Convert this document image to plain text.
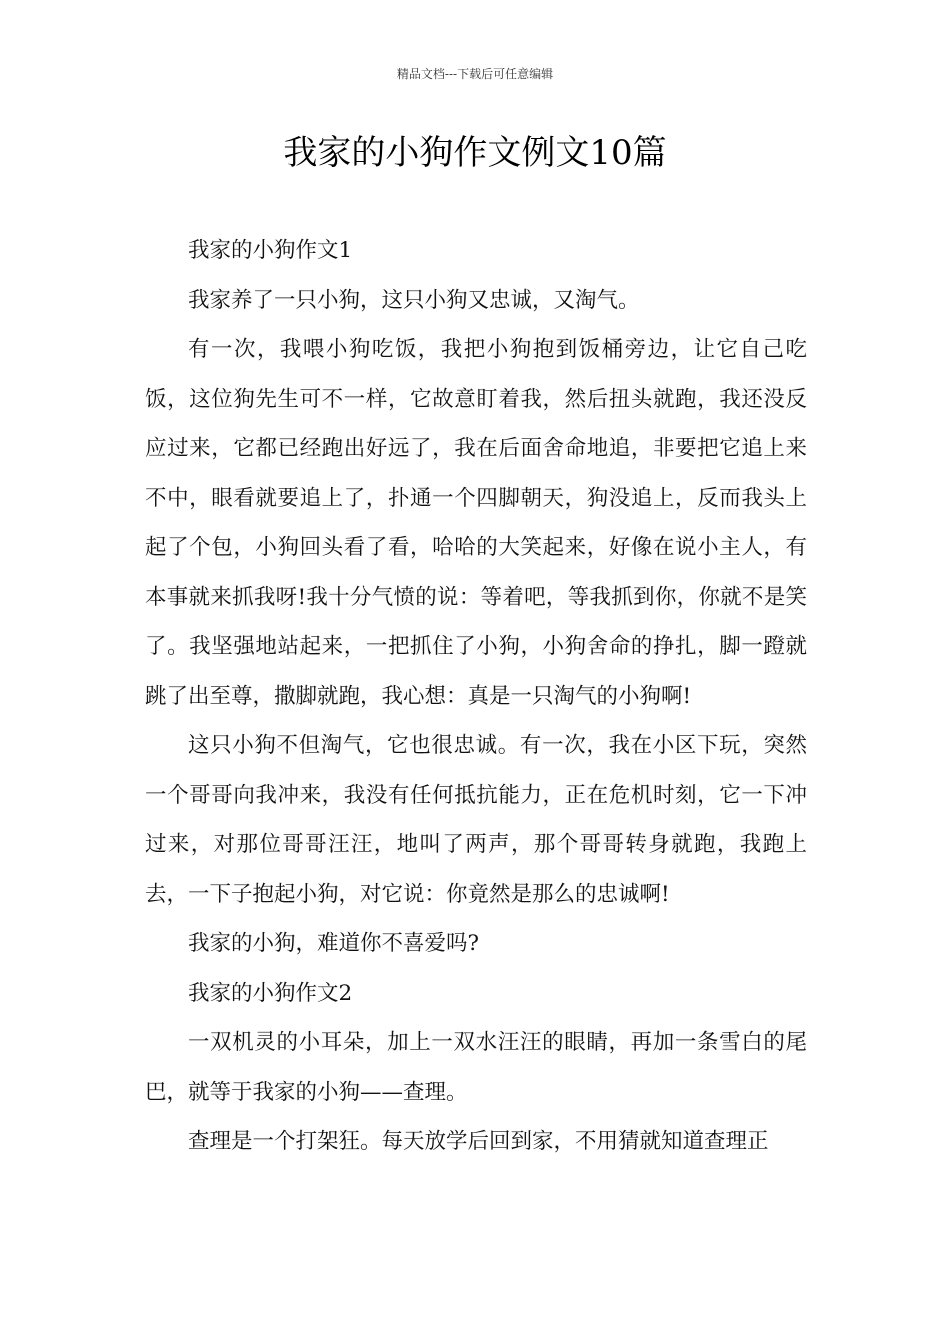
精品文档---下载后可任意编辑
我家的小狗作文例文10篇

我家的小狗作文1

我家养了一只小狗，这只小狗又忠诚，又淘气。

有一次，我喂小狗吃饭，我把小狗抱到饭桶旁边，让它自己吃饭，这位狗先生可不一样，它故意盯着我，然后扭头就跑，我还没反应过来，它都已经跑出好远了，我在后面舍命地追，非要把它追上来不中，眼看就要追上了，扑通一个四脚朝天，狗没追上，反而我头上起了个包，小狗回头看了看，哈哈的大笑起来，好像在说小主人，有本事就来抓我呀!我十分气愤的说：等着吧，等我抓到你，你就不是笑了。我坚强地站起来，一把抓住了小狗，小狗舍命的挣扎，脚一蹬就跳了出至尊，撒脚就跑，我心想：真是一只淘气的小狗啊!

这只小狗不但淘气，它也很忠诚。有一次，我在小区下玩，突然一个哥哥向我冲来，我没有任何抵抗能力，正在危机时刻，它一下冲过来，对那位哥哥汪汪，地叫了两声，那个哥哥转身就跑，我跑上去，一下子抱起小狗，对它说：你竟然是那么的忠诚啊!

我家的小狗，难道你不喜爱吗?

我家的小狗作文2

一双机灵的小耳朵，加上一双水汪汪的眼睛，再加一条雪白的尾巴，就等于我家的小狗——查理。

查理是一个打架狂。每天放学后回到家，不用猜就知道查理正
